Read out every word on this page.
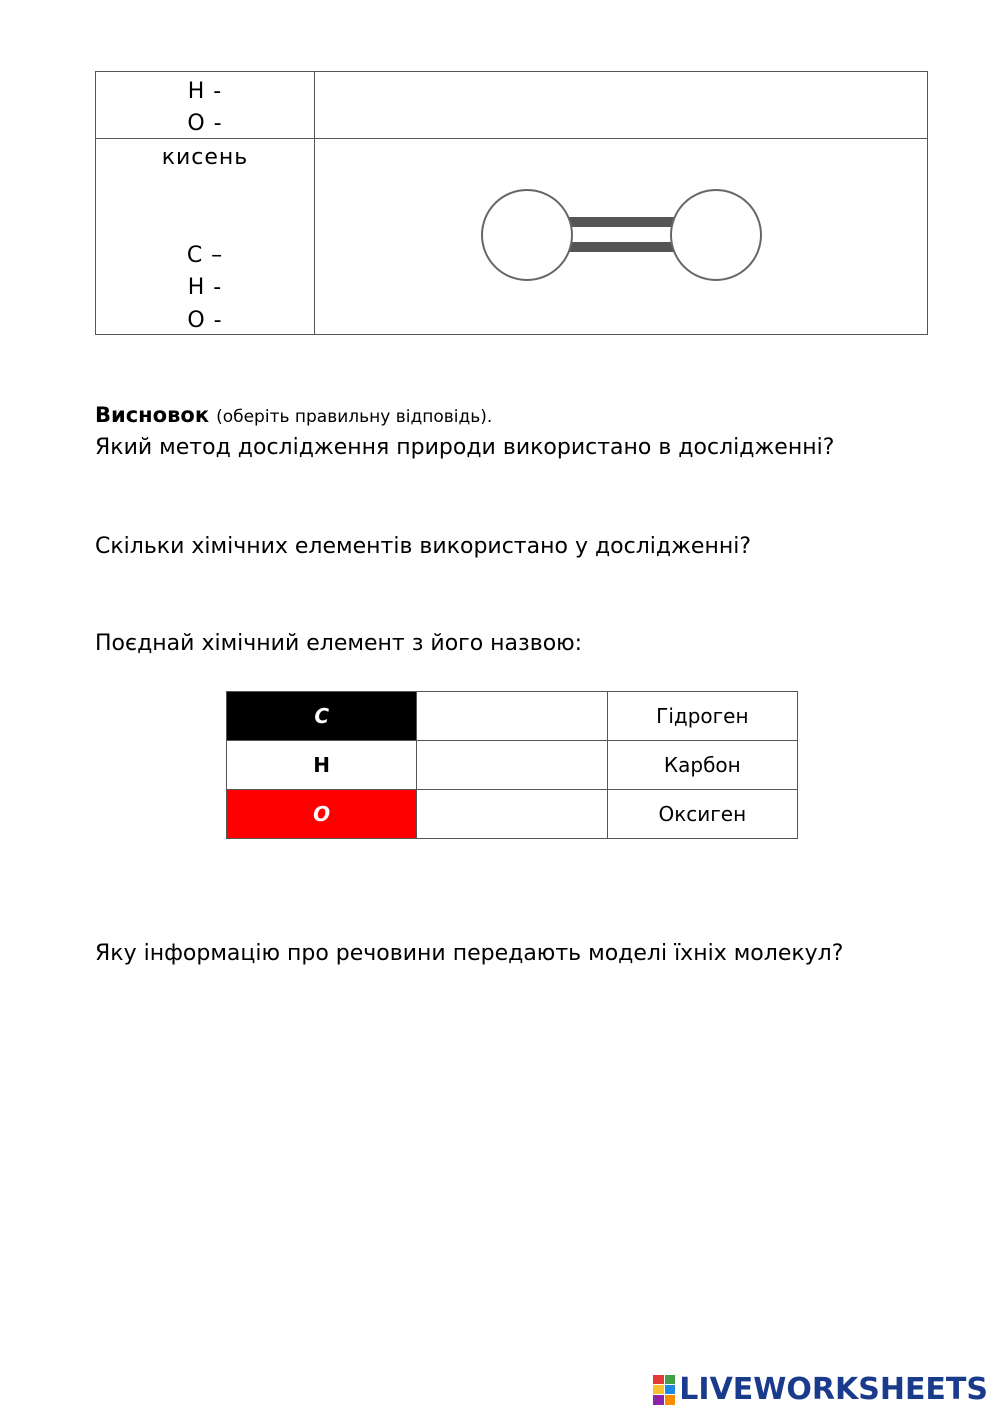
H -
O -
кисень
C –
H -
O -
Висновок (оберіть правильну відповідь).
Який метод дослідження природи використано в дослідженні?
Скільки хімічних елементів використано у дослідженні?
Поєднай хімічний елемент з його назвою:
C		Гідроген
H		Карбон
O		Оксиген
Яку інформацію про речовини передають моделі їхніх молекул?
LIVEWORKSHEETS
